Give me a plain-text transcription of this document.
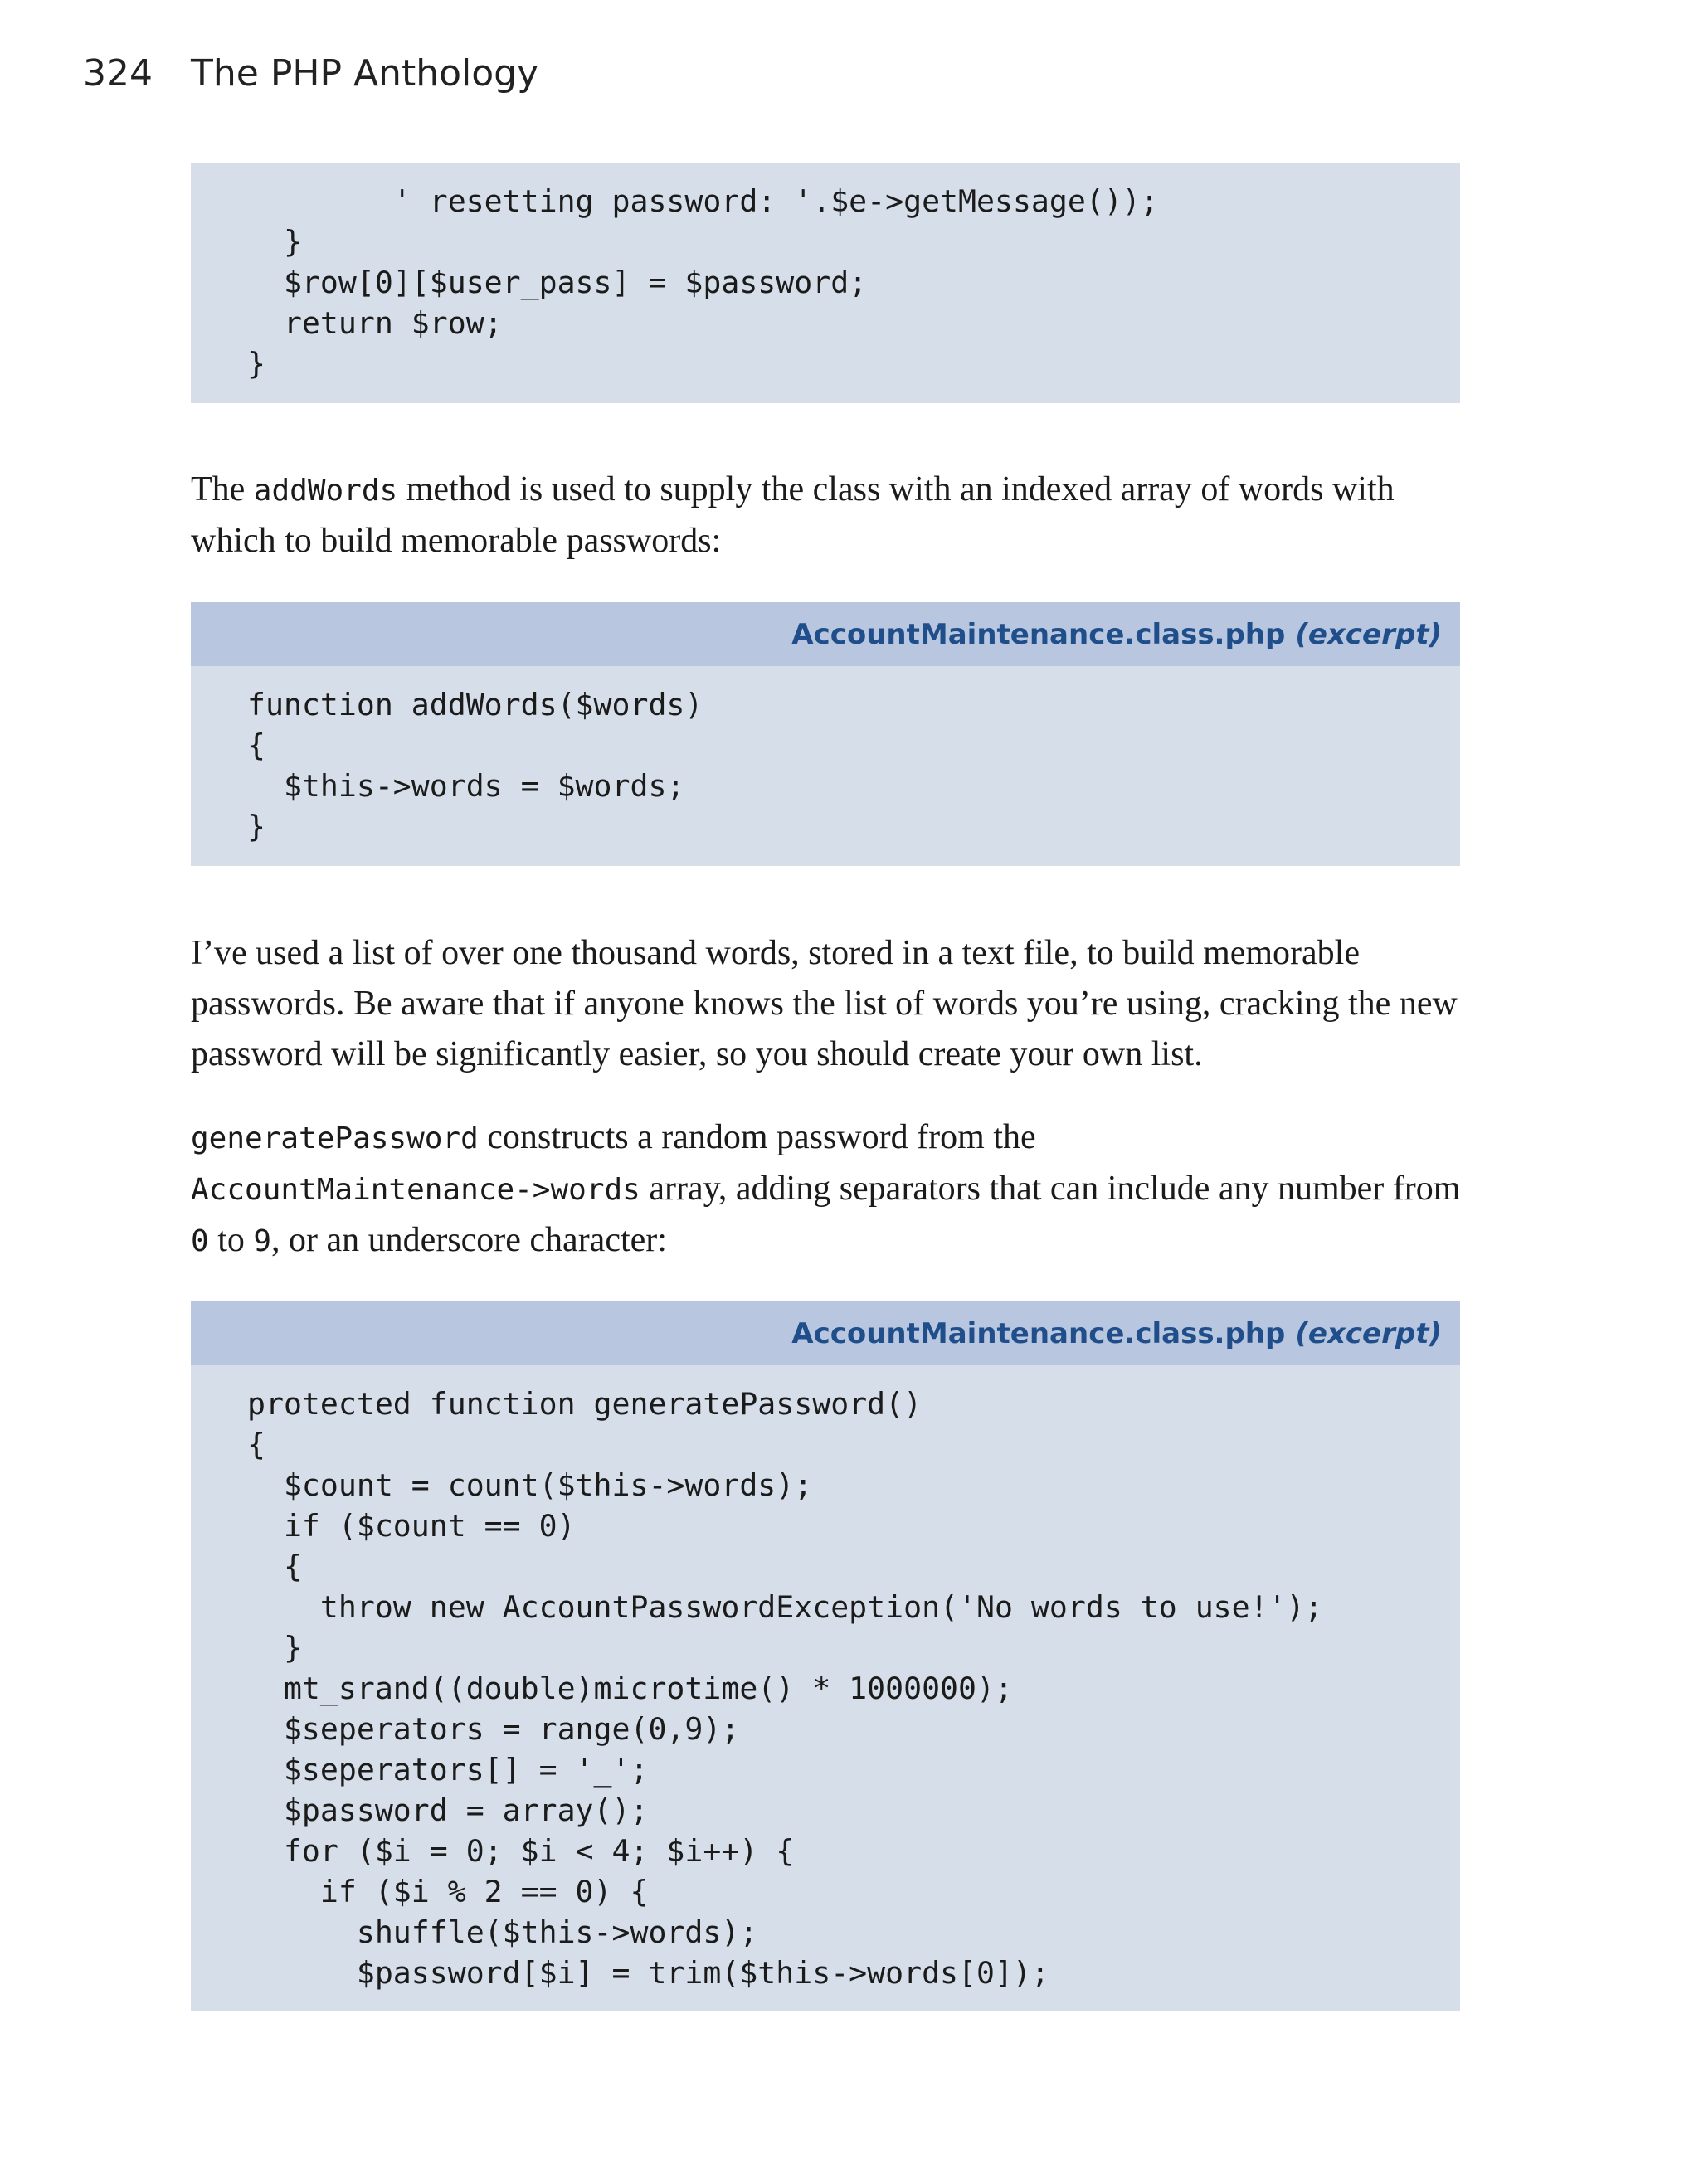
324	The PHP Anthology
' resetting password: '.$e->getMessage());
}
$row[0][$user_pass] = $password;
return $row;
}

The addWords method is used to supply the class with an indexed array of words with which to build memorable passwords:

AccountMaintenance.class.php (excerpt)
function addWords($words)
{
$this->words = $words;
}

I’ve used a list of over one thousand words, stored in a text file, to build memorable passwords. Be aware that if anyone knows the list of words you’re using, cracking the new password will be significantly easier, so you should create your own list.

generatePassword constructs a random password from the
AccountMaintenance->words array, adding separators that can include any number from 0 to 9, or an underscore character:

AccountMaintenance.class.php (excerpt)
protected function generatePassword()
{
$count = count($this->words);
if ($count == 0)
{
throw new AccountPasswordException('No words to use!');
}
mt_srand((double)microtime() * 1000000);
$seperators = range(0,9);
$seperators[] = '_';
$password = array();
for ($i = 0; $i < 4; $i++) {
if ($i % 2 == 0) {
shuffle($this->words);
$password[$i] = trim($this->words[0]);
